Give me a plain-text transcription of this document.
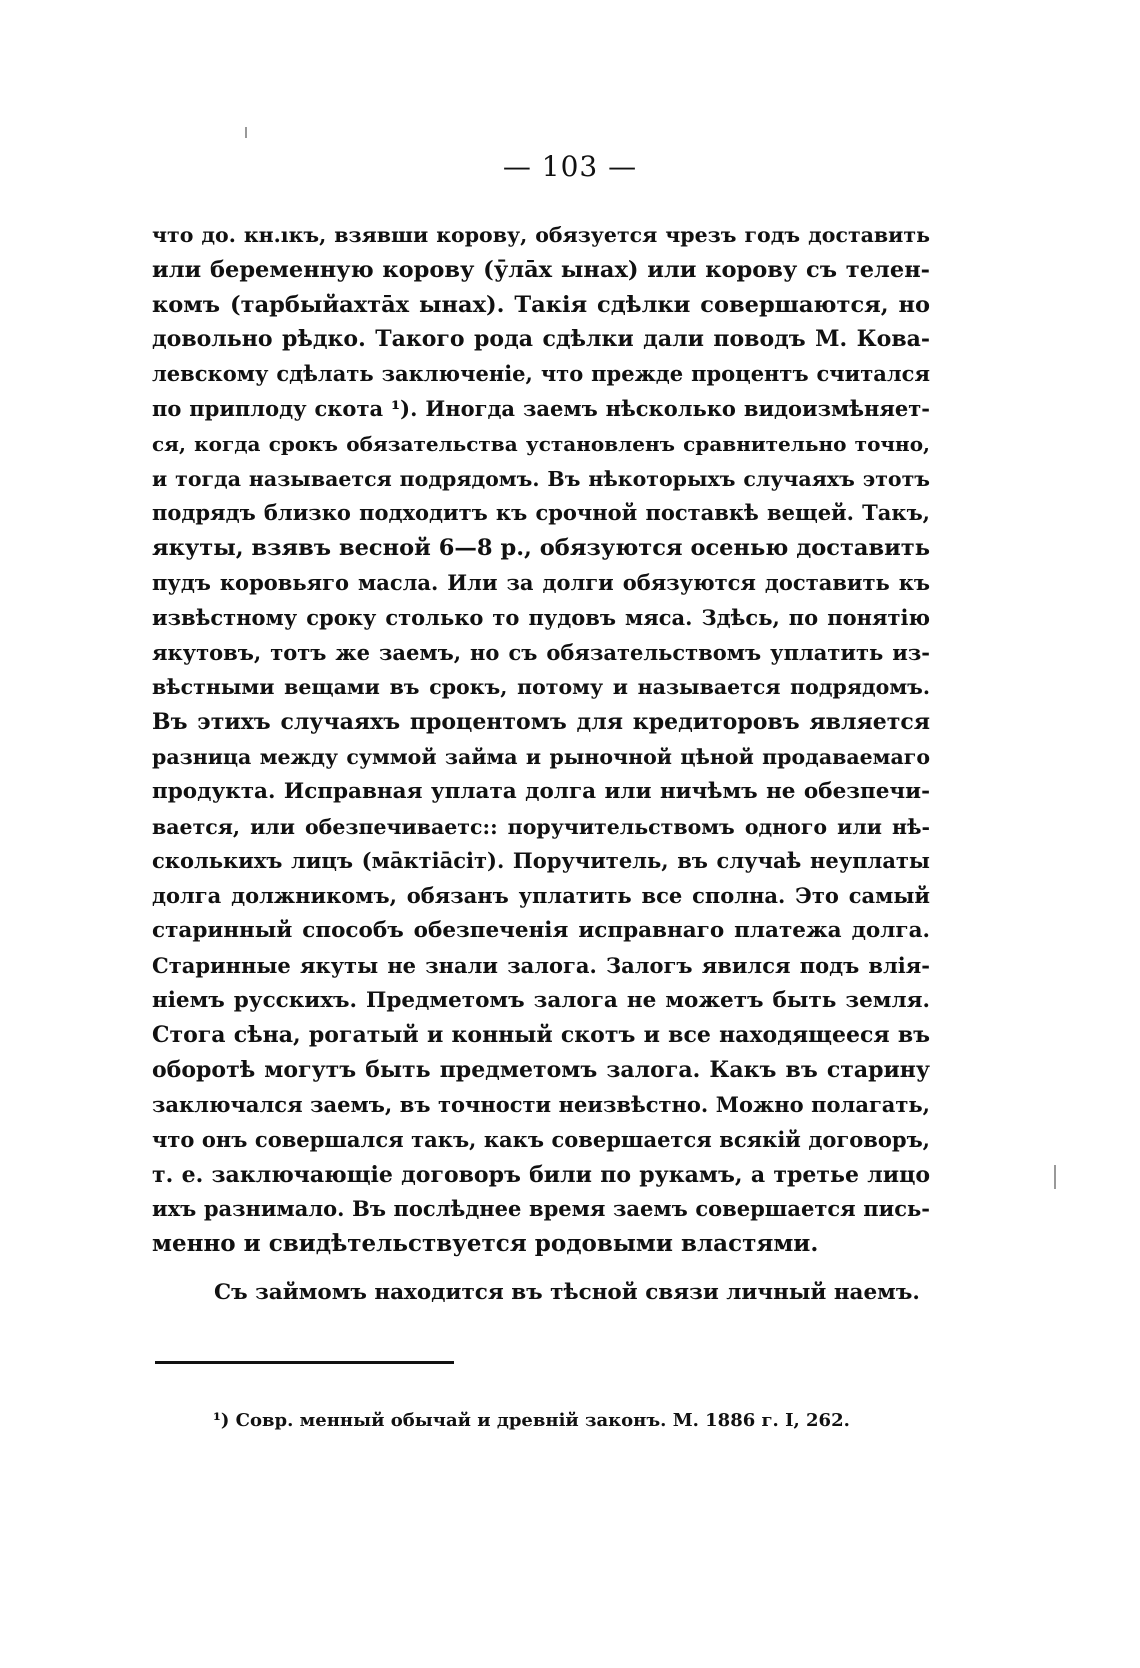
— 103 —
что до. кн.ıкъ, взявши корову, обязуется чрезъ годъ доставить
или беременную корову (ӯлāх ынах) или корову съ телен-
комъ (тарбыйахтāх ынах). Такія сдѣлки совершаются, но
довольно рѣдко. Такого рода сдѣлки дали поводъ М. Кова-
левскому сдѣлать заключеніе, что прежде процентъ считался
по приплоду скота ¹). Иногда заемъ нѣсколько видоизмѣняет-
ся, когда срокъ обязательства установленъ сравнительно точно,
и тогда называется подрядомъ. Въ нѣкоторыхъ случаяхъ этотъ
подрядъ близко подходитъ къ срочной поставкѣ вещей. Такъ,
якуты, взявъ весной 6—8 р., обязуются осенью доставить
пудъ коровьяго масла. Или за долги обязуются доставить къ
извѣстному сроку столько то пудовъ мяса. Здѣсь, по понятію
якутовъ, тотъ же заемъ, но съ обязательствомъ уплатить из-
вѣстными вещами въ срокъ, потому и называется подрядомъ.
Въ этихъ случаяхъ процентомъ для кредиторовъ является
разница между суммой займа и рыночной цѣной продаваемаго
продукта. Исправная уплата долга или ничѣмъ не обезпечи-
вается, или обезпечиваетс:: поручительствомъ одного или нѣ-
сколькихъ лицъ (мāктіāсіт). Поручитель, въ случаѣ неуплаты
долга должникомъ, обязанъ уплатить все сполна. Это самый
старинный способъ обезпеченія исправнаго платежа долга.
Старинные якуты не знали залога. Залогъ явился подъ влія-
ніемъ русскихъ. Предметомъ залога не можетъ быть земля.
Стога сѣна, рогатый и конный скотъ и все находящееся въ
оборотѣ могутъ быть предметомъ залога. Какъ въ старину
заключался заемъ, въ точности неизвѣстно. Можно полагать,
что онъ совершался такъ, какъ совершается всякій договоръ,
т. е. заключающіе договоръ били по рукамъ, а третье лицо
ихъ разнимало. Въ послѣднее время заемъ совершается пись-
менно и свидѣтельствуется родовыми властями.
Съ займомъ находится въ тѣсной связи личный наемъ.
¹) Совр. менный обычай и древній законъ. М. 1886 г. I, 262.
